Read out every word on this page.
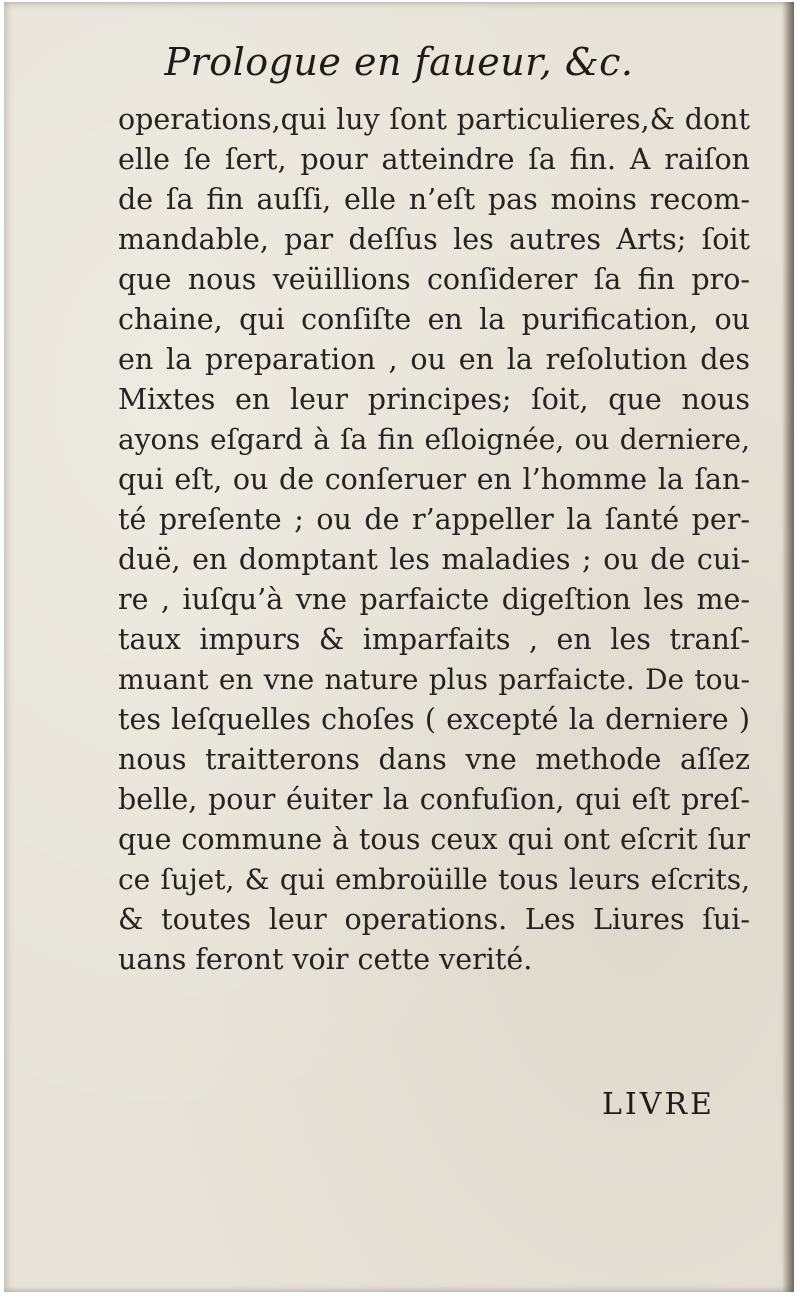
Prologue en faueur, &c.
operations,qui luy ſont particulieres,& dont
elle ſe ſert, pour atteindre ſa fin. A raiſon
de ſa fin auſſi, elle n’eſt pas moins recom-
mandable, par deſſus les autres Arts; ſoit
que nous veüillions conſiderer ſa fin pro-
chaine, qui conſiſte en la purification, ou
en la preparation , ou en la reſolution des
Mixtes en leur principes; ſoit, que nous
ayons eſgard à ſa fin eſloignée, ou derniere,
qui eſt, ou de conſeruer en l’homme la ſan-
té preſente ; ou de r’appeller la ſanté per-
duë, en domptant les maladies ; ou de cui-
re , iuſqu’à vne parfaicte digeſtion les me-
taux impurs & imparfaits , en les tranſ-
muant en vne nature plus parfaicte. De tou-
tes leſquelles choſes ( excepté la derniere )
nous traitterons dans vne methode aſſez
belle, pour éuiter la confuſion, qui eſt preſ-
que commune à tous ceux qui ont eſcrit ſur
ce ſujet, & qui embroüille tous leurs eſcrits,
& toutes leur operations. Les Liures ſui-
uans feront voir cette verité.
LIVRE
